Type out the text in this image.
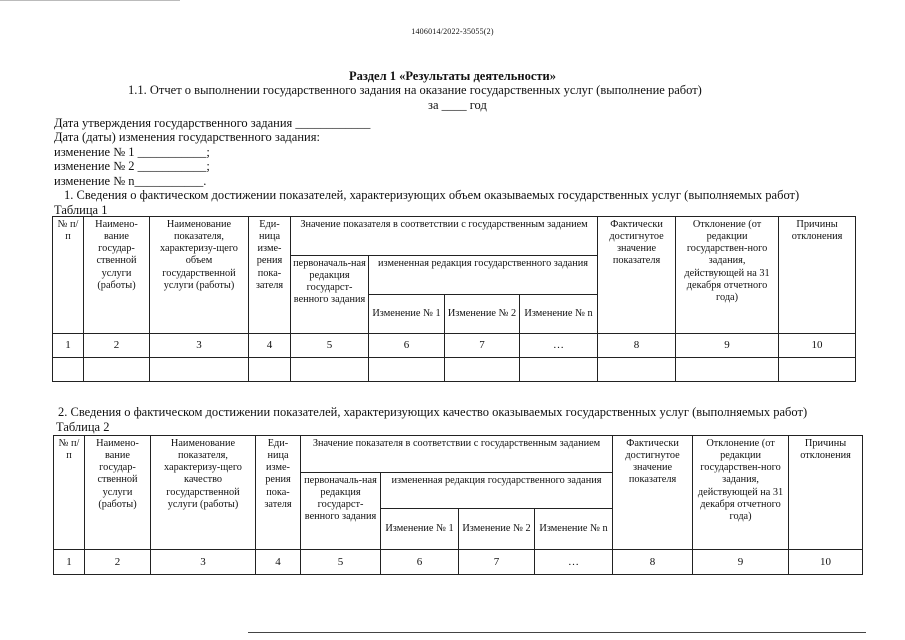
1406014/2022-35055(2)
Раздел 1 «Результаты деятельности»
1.1. Отчет о выполнении государственного задания на оказание государственных услуг (выполнение работ)
за ____ год
Дата утверждения государственного задания ____________
Дата (даты) изменения государственного задания:
изменение № 1 ___________;
изменение № 2 ___________;
изменение № n___________.
1. Сведения о фактическом достижении показателей, характеризующих объем оказываемых государственных услуг (выполняемых работ)
Таблица 1
№ п/п	Наимено-вание государ-ственной услуги (работы)	Наименование показателя, характеризу-щего объем государственной услуги (работы)	Еди-ница изме-рения пока-зателя	Значение показателя в соответствии с государственным заданием				Фактически достигнутое значение показателя	Отклонение (от редакции государствен-ного задания, действующей на 31 декабря отчетного года)	Причины отклонения
				первоначаль-ная редакция государст-венного задания	измененная редакция государственного задания					
					Изменение № 1	Изменение № 2	Изменение № n			
1	2	3	4	5	6	7	…	8	9	10

2. Сведения о фактическом достижении показателей, характеризующих качество оказываемых государственных услуг (выполняемых работ)
Таблица 2
№ п/п	Наимено-вание государ-ственной услуги (работы)	Наименование показателя, характеризу-щего качество государственной услуги (работы)	Еди-ница изме-рения пока-зателя	Значение показателя в соответствии с государственным заданием				Фактически достигнутое значение показателя	Отклонение (от редакции государствен-ного задания, действующей на 31 декабря отчетного года)	Причины отклонения
				первоначаль-ная редакция государст-венного задания	измененная редакция государственного задания					
					Изменение № 1	Изменение № 2	Изменение № n			
1	2	3	4	5	6	7	…	8	9	10
